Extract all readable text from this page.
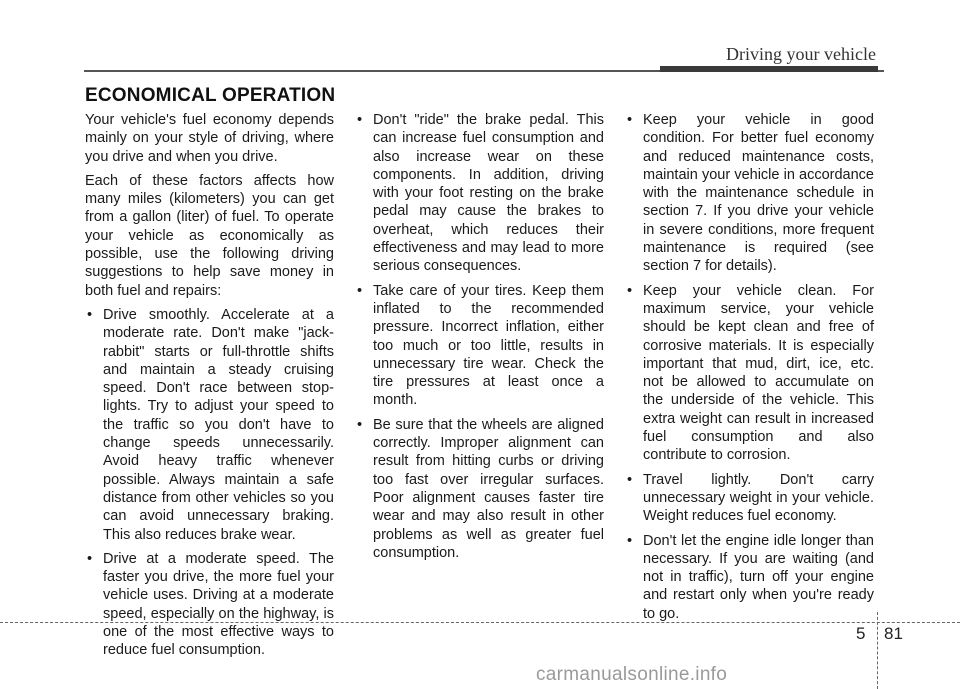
Driving your vehicle
ECONOMICAL OPERATION

Your vehicle's fuel economy depends mainly on your style of driving, where you drive and when you drive.

Each of these factors affects how many miles (kilometers) you can get from a gallon (liter) of fuel. To operate your vehicle as economically as possible, use the following driving suggestions to help save money in both fuel and repairs:

• Drive smoothly. Accelerate at a moderate rate. Don't make "jack-rabbit" starts or full-throttle shifts and maintain a steady cruising speed. Don't race between stop-lights. Try to adjust your speed to the traffic so you don't have to change speeds unnecessarily. Avoid heavy traffic whenever possible. Always maintain a safe distance from other vehicles so you can avoid unnecessary braking. This also reduces brake wear.
• Drive at a moderate speed. The faster you drive, the more fuel your vehicle uses. Driving at a moderate speed, especially on the highway, is one of the most effective ways to reduce fuel consumption.
• Don't "ride" the brake pedal. This can increase fuel consumption and also increase wear on these components. In addition, driving with your foot resting on the brake pedal may cause the brakes to overheat, which reduces their effectiveness and may lead to more serious consequences.
• Take care of your tires. Keep them inflated to the recommended pressure. Incorrect inflation, either too much or too little, results in unnecessary tire wear. Check the tire pressures at least once a month.
• Be sure that the wheels are aligned correctly. Improper alignment can result from hitting curbs or driving too fast over irregular surfaces. Poor alignment causes faster tire wear and may also result in other problems as well as greater fuel consumption.
• Keep your vehicle in good condition. For better fuel economy and reduced maintenance costs, maintain your vehicle in accordance with the maintenance schedule in section 7. If you drive your vehicle in severe conditions, more frequent maintenance is required (see section 7 for details).
• Keep your vehicle clean. For maximum service, your vehicle should be kept clean and free of corrosive materials. It is especially important that mud, dirt, ice, etc. not be allowed to accumulate on the underside of the vehicle. This extra weight can result in increased fuel consumption and also contribute to corrosion.
• Travel lightly. Don't carry unnecessary weight in your vehicle. Weight reduces fuel economy.
• Don't let the engine idle longer than necessary. If you are waiting (and not in traffic), turn off your engine and restart only when you're ready to go.
5 81
carmanualsonline.info
